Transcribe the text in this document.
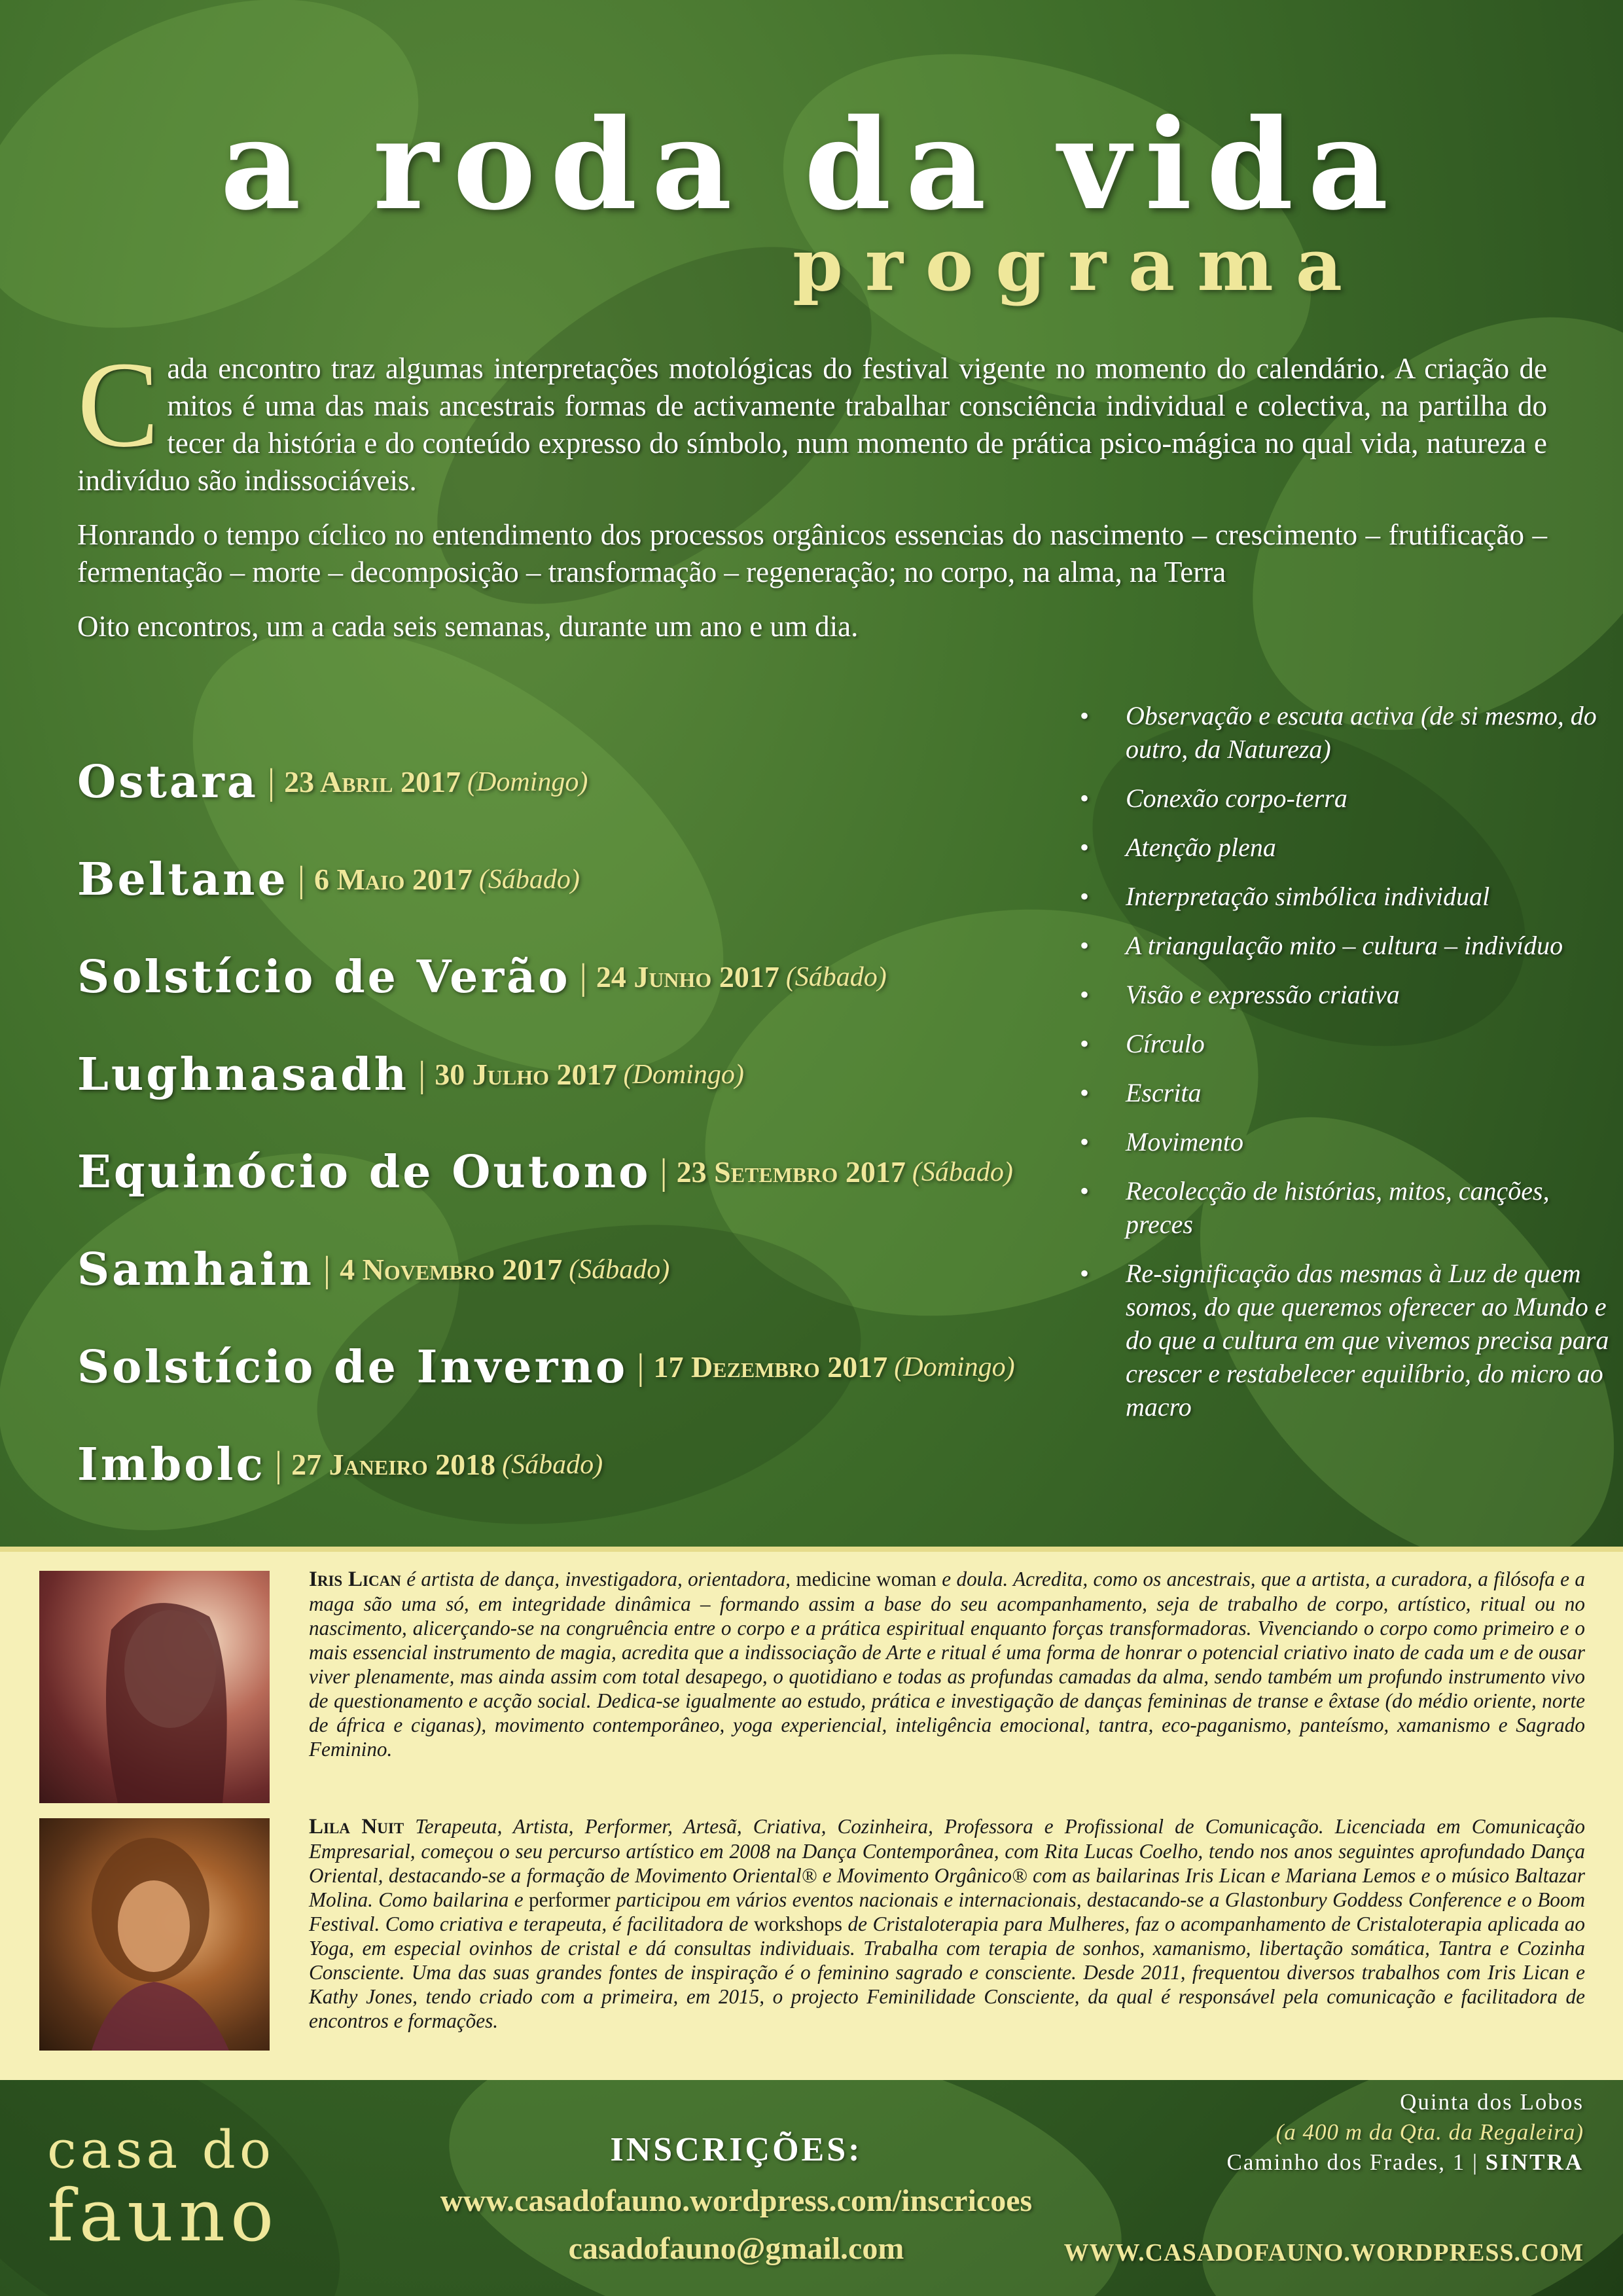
a roda da vida
programa

Cada encontro traz algumas interpretações motológicas do festival vigente no momento do calendário. A criação de mitos é uma das mais ancestrais formas de activamente trabalhar consciência individual e colectiva, na partilha do tecer da história e do conteúdo expresso do símbolo, num momento de prática psico-mágica no qual vida, natureza e indivíduo são indissociáveis.

Honrando o tempo cíclico no entendimento dos processos orgânicos essencias do nascimento – crescimento – frutificação – fermentação – morte – decomposição – transformação – regeneração; no corpo, na alma, na Terra

Oito encontros, um a cada seis semanas, durante um ano e um dia.

Ostara | 23 Abril 2017 (Domingo)
Beltane | 6 Maio 2017 (Sábado)
Solstício de Verão | 24 Junho 2017 (Sábado)
Lughnasadh | 30 Julho 2017 (Domingo)
Equinócio de Outono | 23 Setembro 2017 (Sábado)
Samhain | 4 Novembro 2017 (Sábado)
Solstício de Inverno | 17 Dezembro 2017 (Domingo)
Imbolc | 27 Janeiro 2018 (Sábado)
• Observação e escuta activa (de si mesmo, do outro, da Natureza)
• Conexão corpo-terra
• Atenção plena
• Interpretação simbólica individual
• A triangulação mito – cultura – indivíduo
• Visão e expressão criativa
• Círculo
• Escrita
• Movimento
• Recolecção de histórias, mitos, canções, preces
• Re-significação das mesmas à Luz de quem somos, do que queremos oferecer ao Mundo e do que a cultura em que vivemos precisa para crescer e restabelecer equilíbrio, do micro ao macro
Iris Lican é artista de dança, investigadora, orientadora, medicine woman e doula. Acredita, como os ancestrais, que a artista, a curadora, a filósofa e a maga são uma só, em integridade dinâmica – formando assim a base do seu acompanhamento, seja de trabalho de corpo, artístico, ritual ou no nascimento, alicerçando-se na congruência entre o corpo e a prática espiritual enquanto forças transformadoras. Vivenciando o corpo como primeiro e o mais essencial instrumento de magia, acredita que a indissociação de Arte e ritual é uma forma de honrar o potencial criativo inato de cada um e de ousar viver plenamente, mas ainda assim com total desapego, o quotidiano e todas as profundas camadas da alma, sendo também um profundo instrumento vivo de questionamento e acção social. Dedica-se igualmente ao estudo, prática e investigação de danças femininas de transe e êxtase (do médio oriente, norte de áfrica e ciganas), movimento contemporâneo, yoga experiencial, inteligência emocional, tantra, eco-paganismo, panteísmo, xamanismo e Sagrado Feminino.
Lila Nuit Terapeuta, Artista, Performer, Artesã, Criativa, Cozinheira, Professora e Profissional de Comunicação. Licenciada em Comunicação Empresarial, começou o seu percurso artístico em 2008 na Dança Contemporânea, com Rita Lucas Coelho, tendo nos anos seguintes aprofundado Dança Oriental, destacando-se a formação de Movimento Oriental® e Movimento Orgânico® com as bailarinas Iris Lican e Mariana Lemos e o músico Baltazar Molina. Como bailarina e performer participou em vários eventos nacionais e internacionais, destacando-se a Glastonbury Goddess Conference e o Boom Festival. Como criativa e terapeuta, é facilitadora de workshops de Cristaloterapia para Mulheres, faz o acompanhamento de Cristaloterapia aplicada ao Yoga, em especial ovinhos de cristal e dá consultas individuais. Trabalha com terapia de sonhos, xamanismo, libertação somática, Tantra e Cozinha Consciente. Uma das suas grandes fontes de inspiração é o feminino sagrado e consciente. Desde 2011, frequentou diversos trabalhos com Iris Lican e Kathy Jones, tendo criado com a primeira, em 2015, o projecto Feminilidade Consciente, da qual é responsável pela comunicação e facilitadora de encontros e formações.
casa do
fauno
INSCRIÇÕES:
www.casadofauno.wordpress.com/inscricoes
casadofauno@gmail.com
Quinta dos Lobos
(a 400 m da Qta. da Regaleira)
Caminho dos Frades, 1 | SINTRA
WWW.CASADOFAUNO.WORDPRESS.COM
